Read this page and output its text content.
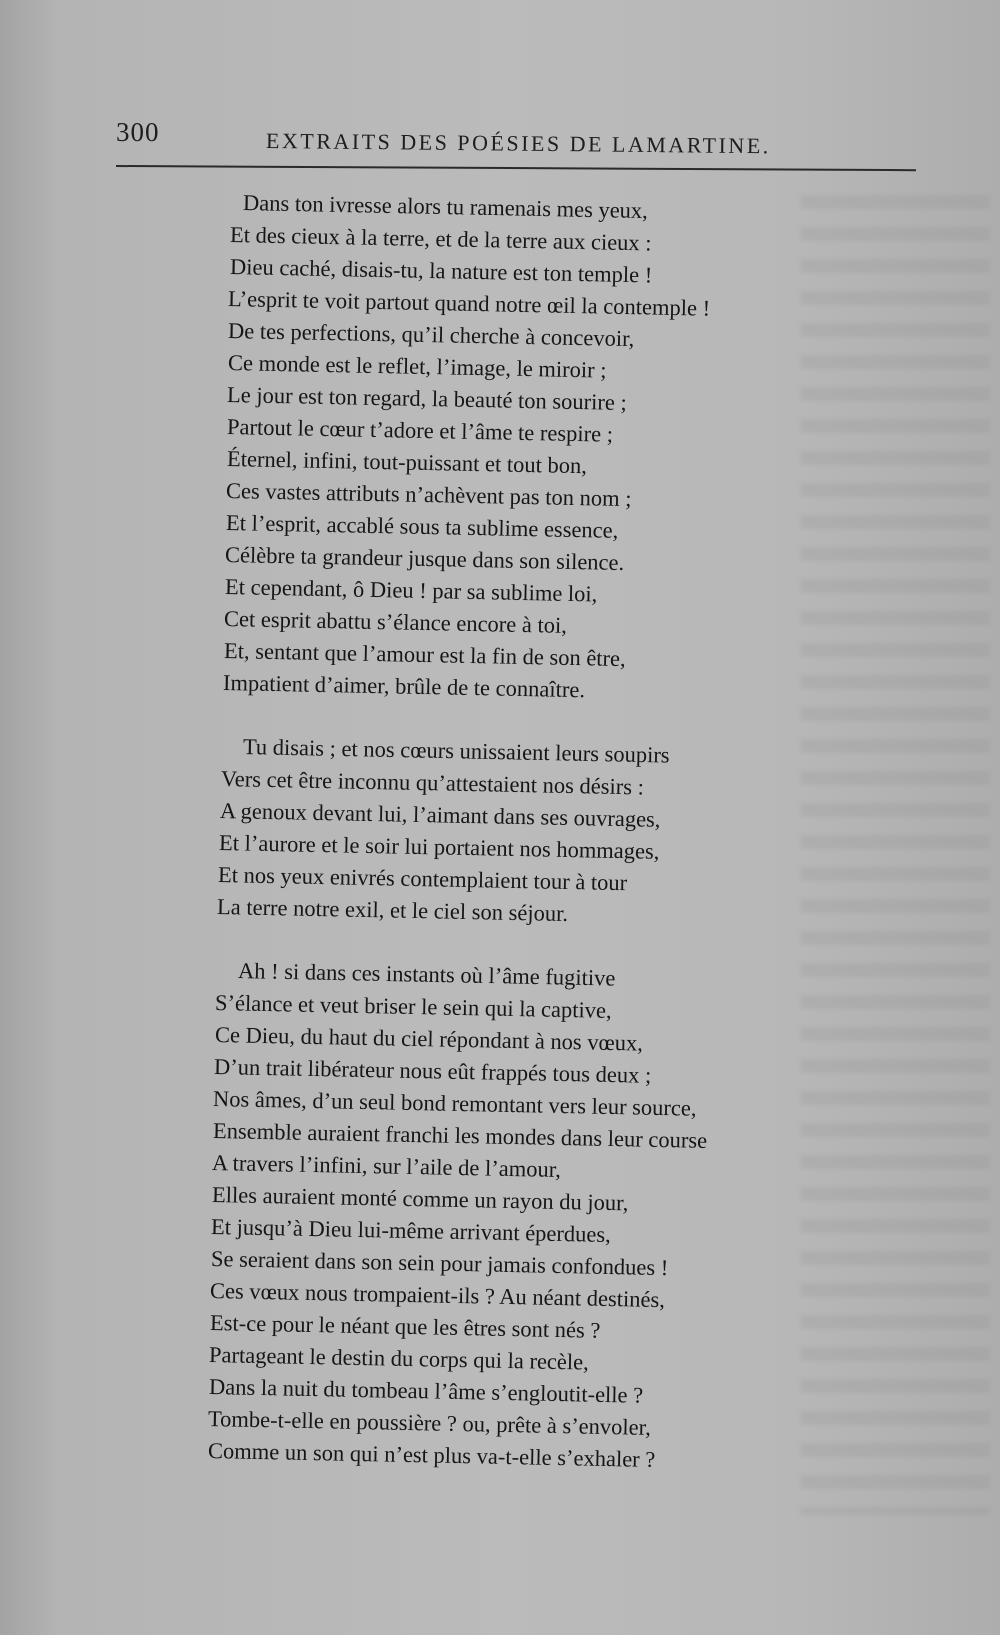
300	EXTRAITS DES POÉSIES DE LAMARTINE.
Dans ton ivresse alors tu ramenais mes yeux,
Et des cieux à la terre, et de la terre aux cieux :
Dieu caché, disais-tu, la nature est ton temple !
L’esprit te voit partout quand notre œil la contemple !
De tes perfections, qu’il cherche à concevoir,
Ce monde est le reflet, l’image, le miroir ;
Le jour est ton regard, la beauté ton sourire ;
Partout le cœur t’adore et l’âme te respire ;
Éternel, infini, tout-puissant et tout bon,
Ces vastes attributs n’achèvent pas ton nom ;
Et l’esprit, accablé sous ta sublime essence,
Célèbre ta grandeur jusque dans son silence.
Et cependant, ô Dieu ! par sa sublime loi,
Cet esprit abattu s’élance encore à toi,
Et, sentant que l’amour est la fin de son être,
Impatient d’aimer, brûle de te connaître.
Tu disais ; et nos cœurs unissaient leurs soupirs
Vers cet être inconnu qu’attestaient nos désirs :
A genoux devant lui, l’aimant dans ses ouvrages,
Et l’aurore et le soir lui portaient nos hommages,
Et nos yeux enivrés contemplaient tour à tour
La terre notre exil, et le ciel son séjour.
Ah ! si dans ces instants où l’âme fugitive
S’élance et veut briser le sein qui la captive,
Ce Dieu, du haut du ciel répondant à nos vœux,
D’un trait libérateur nous eût frappés tous deux ;
Nos âmes, d’un seul bond remontant vers leur source,
Ensemble auraient franchi les mondes dans leur course
A travers l’infini, sur l’aile de l’amour,
Elles auraient monté comme un rayon du jour,
Et jusqu’à Dieu lui-même arrivant éperdues,
Se seraient dans son sein pour jamais confondues !
Ces vœux nous trompaient-ils ? Au néant destinés,
Est-ce pour le néant que les êtres sont nés ?
Partageant le destin du corps qui la recèle,
Dans la nuit du tombeau l’âme s’engloutit-elle ?
Tombe-t-elle en poussière ? ou, prête à s’envoler,
Comme un son qui n’est plus va-t-elle s’exhaler ?
